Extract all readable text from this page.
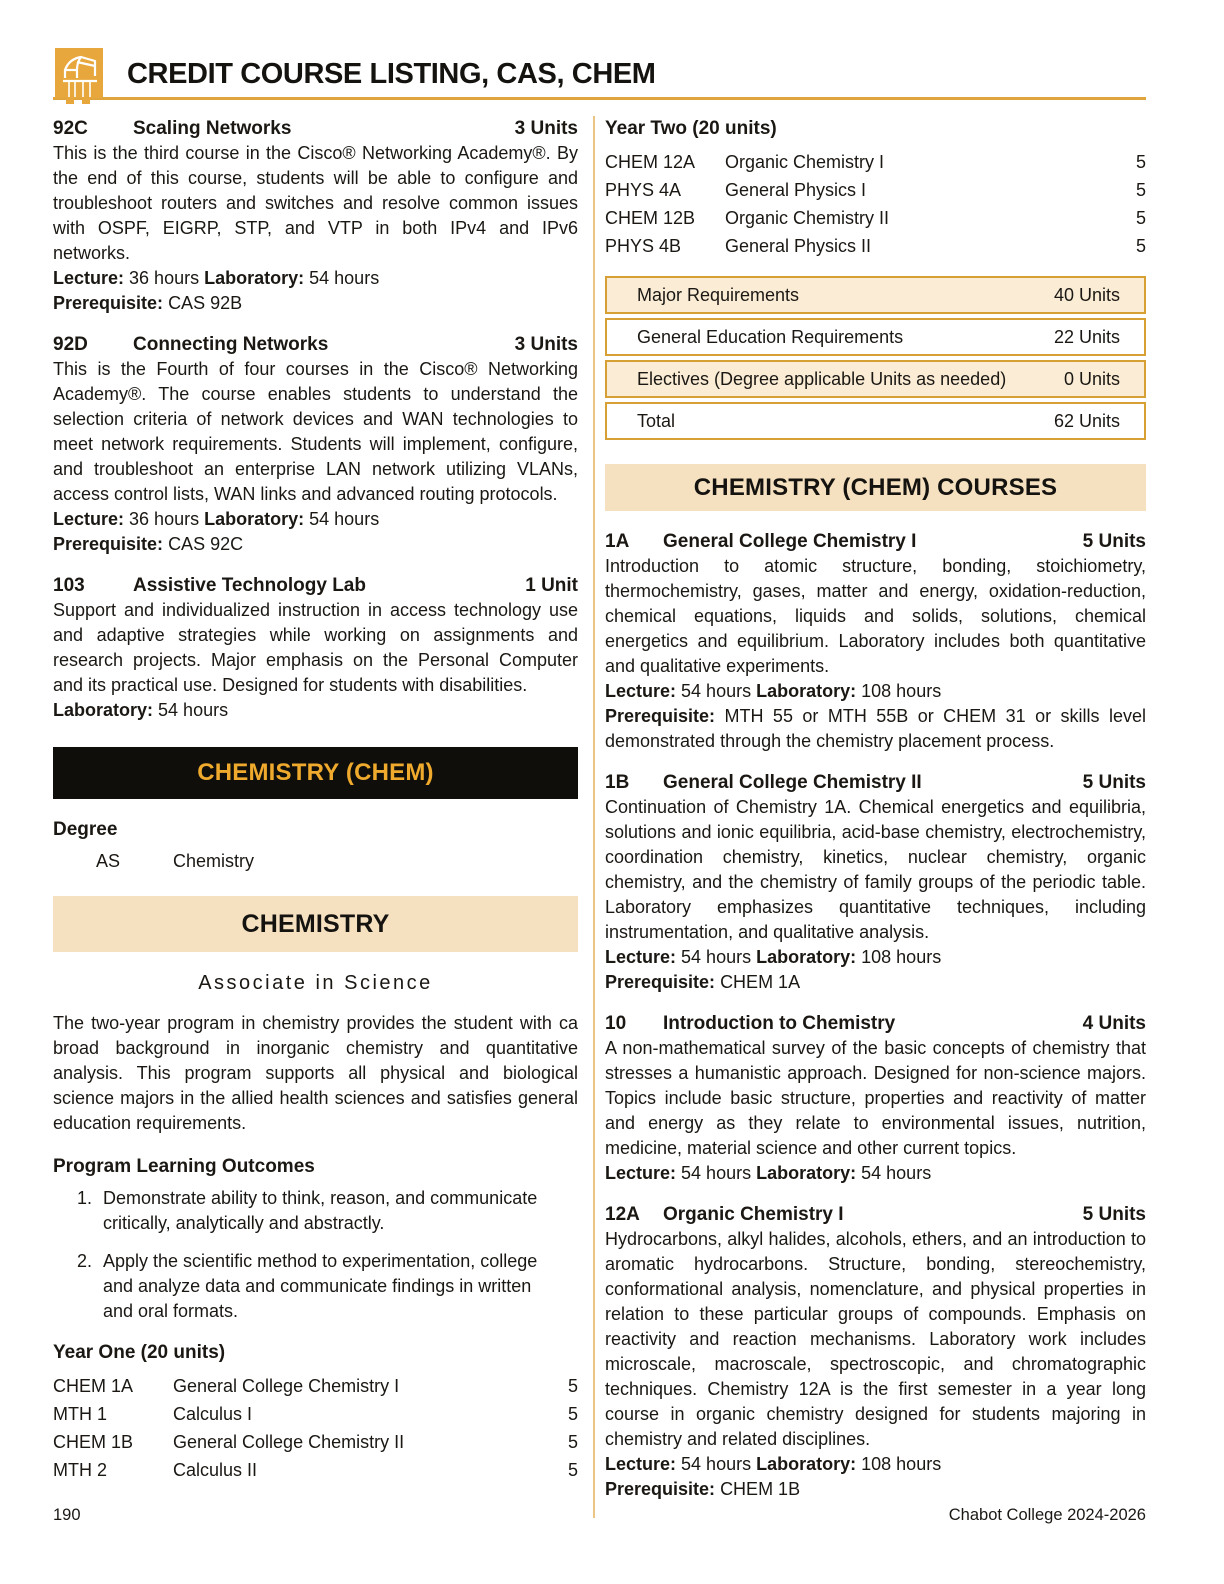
CREDIT COURSE LISTING, CAS, CHEM
92C	Scaling Networks	3 Units

This is the third course in the Cisco® Networking Academy®. By the end of this course, students will be able to configure and troubleshoot routers and switches and resolve common issues with OSPF, EIGRP, STP, and VTP in both IPv4 and IPv6 networks.

Lecture: 36 hours Laboratory: 54 hours

Prerequisite: CAS 92B

92D	Connecting Networks	3 Units

This is the Fourth of four courses in the Cisco® Networking Academy®. The course enables students to understand the selection criteria of network devices and WAN technologies to meet network requirements. Students will implement, configure, and troubleshoot an enterprise LAN network utilizing VLANs, access control lists, WAN links and advanced routing protocols.

Lecture: 36 hours Laboratory: 54 hours

Prerequisite: CAS 92C

103	Assistive Technology Lab	1 Unit

Support and individualized instruction in access technology use and adaptive strategies while working on assignments and research projects. Major emphasis on the Personal Computer and its practical use. Designed for students with disabilities.

Laboratory: 54 hours

CHEMISTRY (CHEM)
Degree
AS	Chemistry
CHEMISTRY
Associate in Science

The two-year program in chemistry provides the student with ca broad background in inorganic chemistry and quantitative analysis. This program supports all physical and biological science majors in the allied health sciences and satisfies general education requirements.

Program Learning Outcomes
1. Demonstrate ability to think, reason, and communicate critically, analytically and abstractly.
2. Apply the scientific method to experimentation, college and analyze data and communicate findings in written and oral formats.
Year One (20 units)
CHEM 1A	General College Chemistry I	5
MTH 1	Calculus I	5
CHEM 1B	General College Chemistry II	5
MTH 2	Calculus II	5
Year Two (20 units)
CHEM 12A	Organic Chemistry I	5
PHYS 4A	General Physics I	5
CHEM 12B	Organic Chemistry II	5
PHYS 4B	General Physics II	5
Major Requirements	40 Units
General Education Requirements	22 Units
Electives (Degree applicable Units as needed)	0 Units
Total	62 Units
CHEMISTRY (CHEM) COURSES
1A	General College Chemistry I	5 Units

Introduction to atomic structure, bonding, stoichiometry, thermochemistry, gases, matter and energy, oxidation-reduction, chemical equations, liquids and solids, solutions, chemical energetics and equilibrium. Laboratory includes both quantitative and qualitative experiments.

Lecture: 54 hours Laboratory: 108 hours

Prerequisite: MTH 55 or MTH 55B or CHEM 31 or skills level demonstrated through the chemistry placement process.

1B	General College Chemistry II	5 Units

Continuation of Chemistry 1A. Chemical energetics and equilibria, solutions and ionic equilibria, acid-base chemistry, electrochemistry, coordination chemistry, kinetics, nuclear chemistry, organic chemistry, and the chemistry of family groups of the periodic table. Laboratory emphasizes quantitative techniques, including instrumentation, and qualitative analysis.

Lecture: 54 hours Laboratory: 108 hours

Prerequisite: CHEM 1A

10	Introduction to Chemistry	4 Units

A non-mathematical survey of the basic concepts of chemistry that stresses a humanistic approach. Designed for non-science majors. Topics include basic structure, properties and reactivity of matter and energy as they relate to environmental issues, nutrition, medicine, material science and other current topics.

Lecture: 54 hours Laboratory: 54 hours

12A	Organic Chemistry I	5 Units

Hydrocarbons, alkyl halides, alcohols, ethers, and an introduction to aromatic hydrocarbons. Structure, bonding, stereochemistry, conformational analysis, nomenclature, and physical properties in relation to these particular groups of compounds. Emphasis on reactivity and reaction mechanisms. Laboratory work includes microscale, macroscale, spectroscopic, and chromatographic techniques. Chemistry 12A is the first semester in a year long course in organic chemistry designed for students majoring in chemistry and related disciplines.

Lecture: 54 hours Laboratory: 108 hours

Prerequisite: CHEM 1B

190	Chabot College 2024-2026
